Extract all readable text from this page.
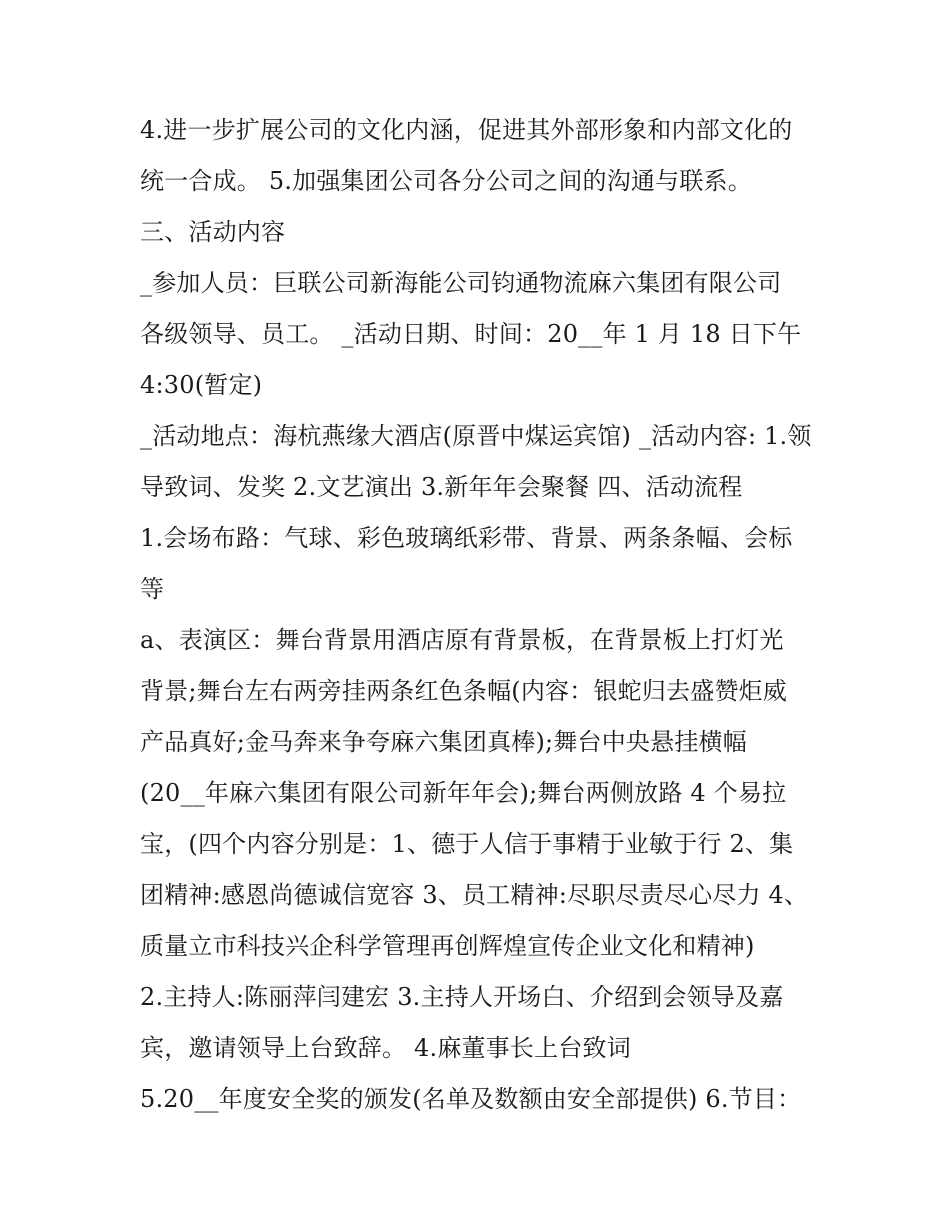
4.进一步扩展公司的文化内涵，促进其外部形象和内部文化的
统一合成。 5.加强集团公司各分公司之间的沟通与联系。
三、活动内容
_参加人员：巨联公司新海能公司钧通物流麻六集团有限公司
各级领导、员工。 _活动日期、时间：20__年 1 月 18 日下午
4:30(暂定)
_活动地点：海杭燕缘大酒店(原晋中煤运宾馆) _活动内容: 1.领
导致词、发奖 2.文艺演出 3.新年年会聚餐 四、活动流程
1.会场布路：气球、彩色玻璃纸彩带、背景、两条条幅、会标
等
a、表演区：舞台背景用酒店原有背景板，在背景板上打灯光
背景;舞台左右两旁挂两条红色条幅(内容：银蛇归去盛赞炬威
产品真好;金马奔来争夸麻六集团真棒);舞台中央悬挂横幅
(20__年麻六集团有限公司新年年会);舞台两侧放路 4 个易拉
宝，(四个内容分别是：1、德于人信于事精于业敏于行 2、集
团精神:感恩尚德诚信宽容 3、员工精神:尽职尽责尽心尽力 4、
质量立市科技兴企科学管理再创辉煌宣传企业文化和精神)
2.主持人:陈丽萍闫建宏 3.主持人开场白、介绍到会领导及嘉
宾，邀请领导上台致辞。 4.麻董事长上台致词
5.20__年度安全奖的颁发(名单及数额由安全部提供) 6.节目：
